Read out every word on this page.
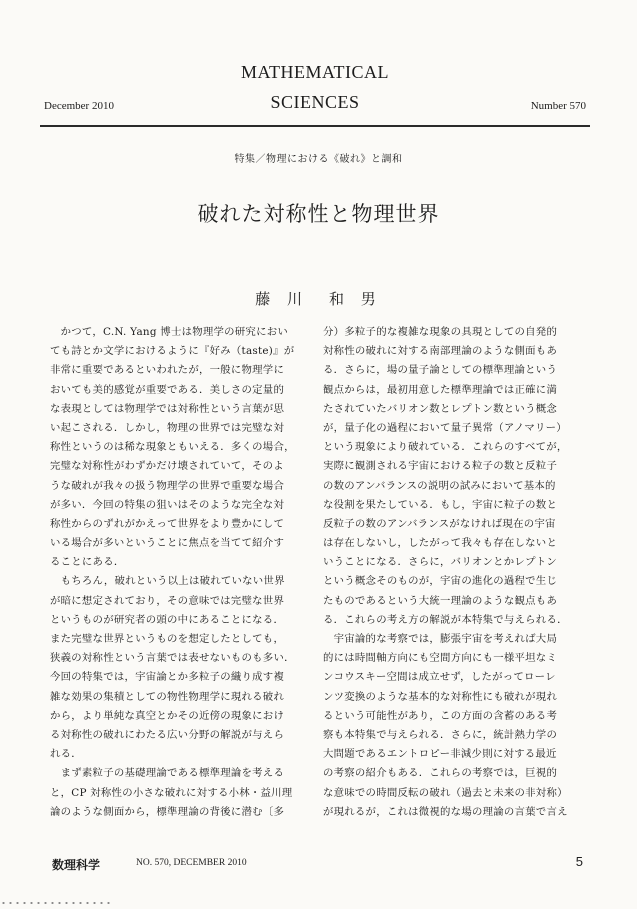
MATHEMATICAL
SCIENCES
December 2010	Number 570
特集／物理における《破れ》と調和
破れた対称性と物理世界
藤 川　和 男
　かつて，C.N. Yang 博士は物理学の研究におい
ても詩とか文学におけるように『好み（taste)』が
非常に重要であるといわれたが，一般に物理学に
おいても美的感覚が重要である．美しさの定量的
な表現としては物理学では対称性という言葉が思
い起こされる．しかし，物理の世界では完璧な対
称性というのは稀な現象ともいえる．多くの場合，
完璧な対称性がわずかだけ壊されていて，そのよ
うな破れが我々の扱う物理学の世界で重要な場合
が多い．今回の特集の狙いはそのような完全な対
称性からのずれがかえって世界をより豊かにして
いる場合が多いということに焦点を当てて紹介す
ることにある．
　もちろん，破れという以上は破れていない世界
が暗に想定されており，その意味では完璧な世界
というものが研究者の頭の中にあることになる．
また完璧な世界というものを想定したとしても，
狭義の対称性という言葉では表せないものも多い．
今回の特集では，宇宙論とか多粒子の織り成す複
雑な効果の集積としての物性物理学に現れる破れ
から，より単純な真空とかその近傍の現象におけ
る対称性の破れにわたる広い分野の解説が与えら
れる．
　まず素粒子の基礎理論である標準理論を考える
と，CP 対称性の小さな破れに対する小林・益川理
論のような側面から，標準理論の背後に潜む〔多
分）多粒子的な複雑な現象の具現としての自発的
対称性の破れに対する南部理論のような側面もあ
る．さらに，場の量子論としての標準理論という
観点からは，最初用意した標準理論では正確に満
たされていたバリオン数とレプトン数という概念
が，量子化の過程において量子異常（アノマリー）
という現象により破れている．これらのすべてが，
実際に観測される宇宙における粒子の数と反粒子
の数のアンバランスの説明の試みにおいて基本的
な役割を果たしている．もし，宇宙に粒子の数と
反粒子の数のアンバランスがなければ現在の宇宙
は存在しないし，したがって我々も存在しないと
いうことになる．さらに，バリオンとかレプトン
という概念そのものが，宇宙の進化の過程で生じ
たものであるという大統一理論のような観点もあ
る．これらの考え方の解説が本特集で与えられる．
　宇宙論的な考察では，膨張宇宙を考えれば大局
的には時間軸方向にも空間方向にも一様平坦なミ
ンコウスキー空間は成立せず，したがってローレ
ンツ変換のような基本的な対称性にも破れが現れ
るという可能性があり，この方面の含蓄のある考
察も本特集で与えられる．さらに，統計熱力学の
大問題であるエントロピー非減少則に対する最近
の考察の紹介もある．これらの考察では，巨視的
な意味での時間反転の破れ（過去と未来の非対称）
が現れるが，これは微視的な場の理論の言葉で言え
数理科学	NO. 570, DECEMBER 2010	5
